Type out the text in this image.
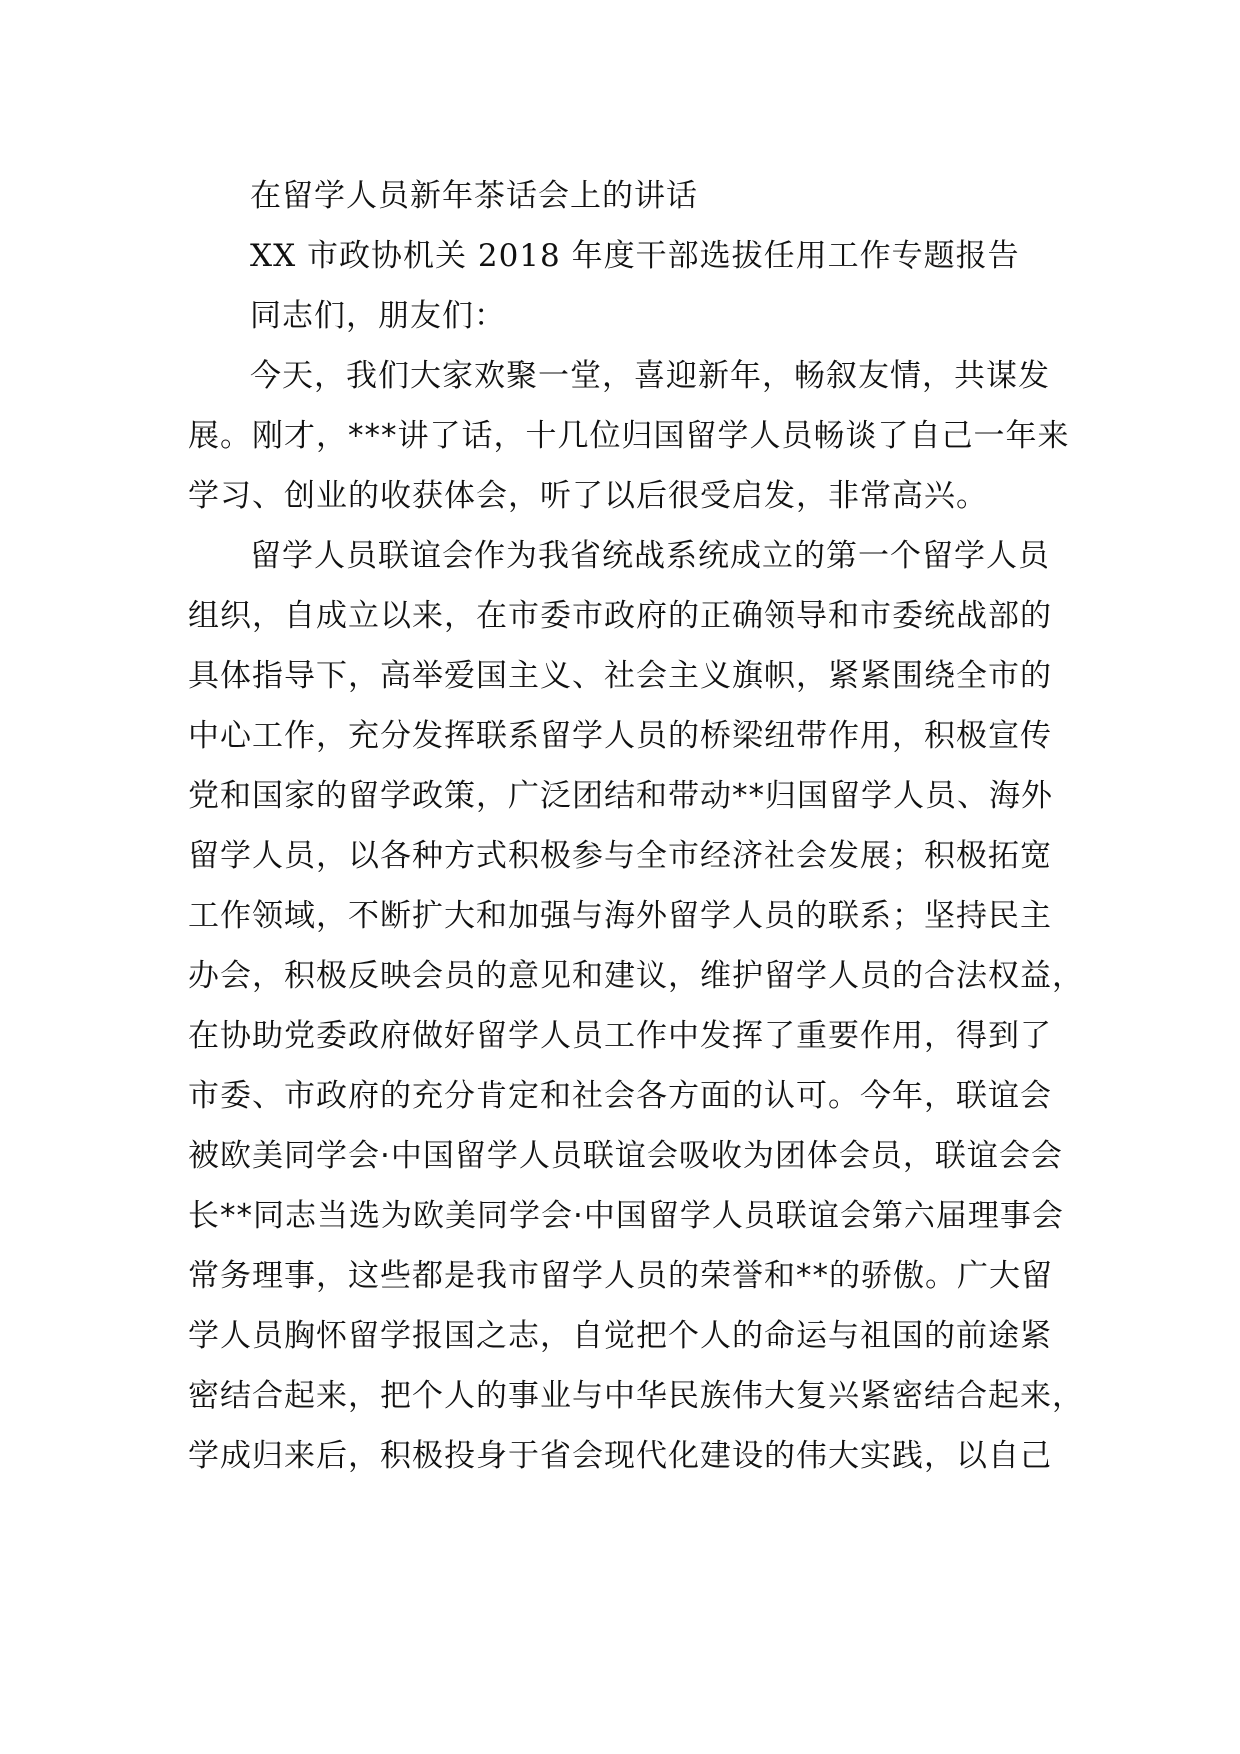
在留学人员新年茶话会上的讲话
XX 市政协机关 2018 年度干部选拔任用工作专题报告
同志们，朋友们：
今天，我们大家欢聚一堂，喜迎新年，畅叙友情，共谋发
展。刚才，***讲了话，十几位归国留学人员畅谈了自己一年来
学习、创业的收获体会，听了以后很受启发，非常高兴。
留学人员联谊会作为我省统战系统成立的第一个留学人员
组织，自成立以来，在市委市政府的正确领导和市委统战部的
具体指导下，高举爱国主义、社会主义旗帜，紧紧围绕全市的
中心工作，充分发挥联系留学人员的桥梁纽带作用，积极宣传
党和国家的留学政策，广泛团结和带动**归国留学人员、海外
留学人员，以各种方式积极参与全市经济社会发展；积极拓宽
工作领域，不断扩大和加强与海外留学人员的联系；坚持民主
办会，积极反映会员的意见和建议，维护留学人员的合法权益，
在协助党委政府做好留学人员工作中发挥了重要作用，得到了
市委、市政府的充分肯定和社会各方面的认可。今年，联谊会
被欧美同学会·中国留学人员联谊会吸收为团体会员，联谊会会
长**同志当选为欧美同学会·中国留学人员联谊会第六届理事会
常务理事，这些都是我市留学人员的荣誉和**的骄傲。广大留
学人员胸怀留学报国之志，自觉把个人的命运与祖国的前途紧
密结合起来，把个人的事业与中华民族伟大复兴紧密结合起来，
学成归来后，积极投身于省会现代化建设的伟大实践，以自己
